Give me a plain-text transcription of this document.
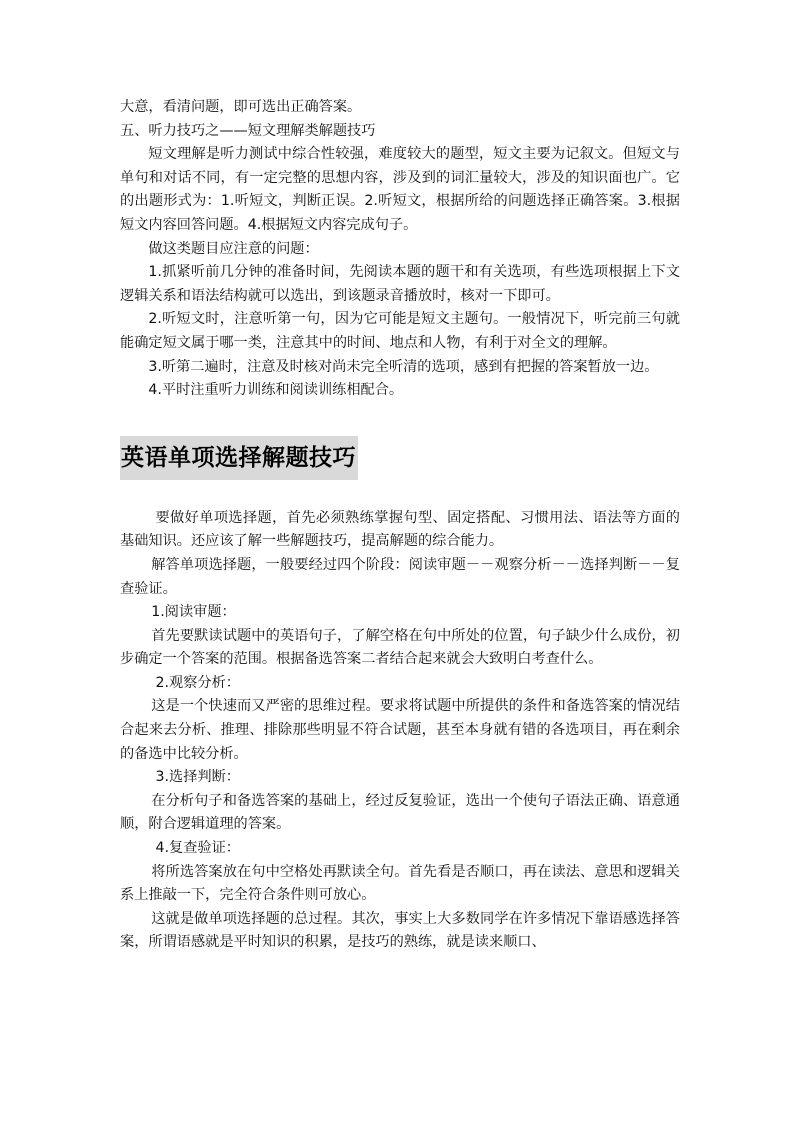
大意，看清问题，即可选出正确答案。

五、听力技巧之——短文理解类解题技巧

短文理解是听力测试中综合性较强，难度较大的题型，短文主要为记叙文。但短文与单句和对话不同，有一定完整的思想内容，涉及到的词汇量较大，涉及的知识面也广。它的出题形式为：1.听短文，判断正误。2.听短文，根据所给的问题选择正确答案。3.根据短文内容回答问题。4.根据短文内容完成句子。

做这类题目应注意的问题：

1.抓紧听前几分钟的准备时间，先阅读本题的题干和有关选项，有些选项根据上下文逻辑关系和语法结构就可以选出，到该题录音播放时，核对一下即可。

2.听短文时，注意听第一句，因为它可能是短文主题句。一般情况下，听完前三句就能确定短文属于哪一类，注意其中的时间、地点和人物，有利于对全文的理解。

3.听第二遍时，注意及时核对尚未完全听清的选项，感到有把握的答案暂放一边。

4.平时注重听力训练和阅读训练相配合。

英语单项选择解题技巧

要做好单项选择题，首先必须熟练掌握句型、固定搭配、习惯用法、语法等方面的基础知识。还应该了解一些解题技巧，提高解题的综合能力。

解答单项选择题，一般要经过四个阶段：阅读审题－－观察分析－－选择判断－－复查验证。

1.阅读审题：

首先要默读试题中的英语句子，了解空格在句中所处的位置，句子缺少什么成份，初步确定一个答案的范围。根据备选答案二者结合起来就会大致明白考查什么。

2.观察分析：

这是一个快速而又严密的思维过程。要求将试题中所提供的条件和备选答案的情况结合起来去分析、推理、排除那些明显不符合试题，甚至本身就有错的各选项目，再在剩余的备选中比较分析。

3.选择判断：

在分析句子和备选答案的基础上，经过反复验证，选出一个使句子语法正确、语意通顺，附合逻辑道理的答案。

4.复查验证：

将所选答案放在句中空格处再默读全句。首先看是否顺口，再在读法、意思和逻辑关系上推敲一下，完全符合条件则可放心。

这就是做单项选择题的总过程。其次，事实上大多数同学在许多情况下靠语感选择答案，所谓语感就是平时知识的积累，是技巧的熟练，就是读来顺口、
